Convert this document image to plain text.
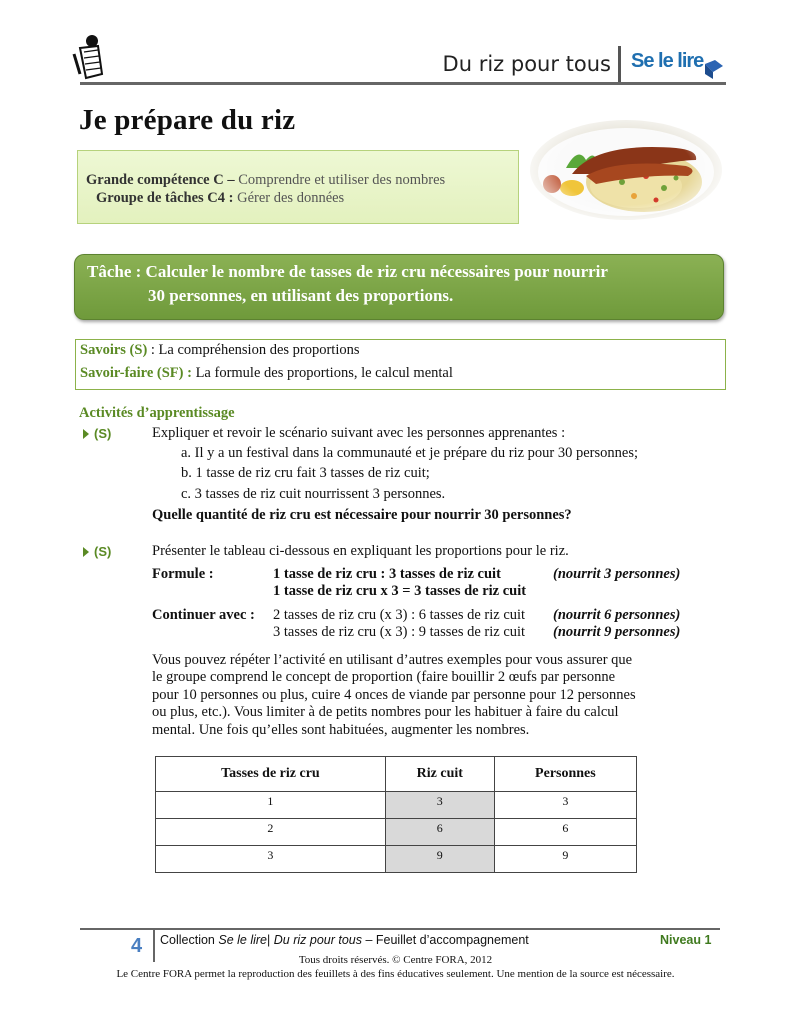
Du riz pour tous Se le lire
Je prépare du riz
Grande compétence C – Comprendre et utiliser des nombres
Groupe de tâches C4 : Gérer des données
Tâche : Calculer le nombre de tasses de riz cru nécessaires pour nourrir
30 personnes, en utilisant des proportions.
Savoirs (S) : La compréhension des proportions
Savoir-faire (SF) : La formule des proportions, le calcul mental
Activités d’apprentissage
(S)	Expliquer et revoir le scénario suivant avec les personnes apprenantes :
a. Il y a un festival dans la communauté et je prépare du riz pour 30 personnes;
b. 1 tasse de riz cru fait 3 tasses de riz cuit;
c. 3 tasses de riz cuit nourrissent 3 personnes.
Quelle quantité de riz cru est nécessaire pour nourrir 30 personnes?
(S)	Présenter le tableau ci-dessous en expliquant les proportions pour le riz.
Formule :	1 tasse de riz cru : 3 tasses de riz cuit	(nourrit 3 personnes)
1 tasse de riz cru x 3 = 3 tasses de riz cuit
Continuer avec : 2 tasses de riz cru (x 3) : 6 tasses de riz cuit (nourrit 6 personnes)
3 tasses de riz cru (x 3) : 9 tasses de riz cuit (nourrit 9 personnes)
Vous pouvez répéter l’activité en utilisant d’autres exemples pour vous assurer que
le groupe comprend le concept de proportion (faire bouillir 2 œufs par personne
pour 10 personnes ou plus, cuire 4 onces de viande par personne pour 12 personnes
ou plus, etc.). Vous limiter à de petits nombres pour les habituer à faire du calcul
mental. Une fois qu’elles sont habituées, augmenter les nombres.
Tasses de riz cru	Riz cuit	Personnes
1	3	3
2	6	6
3	9	9
4 Collection Se le lire| Du riz pour tous – Feuillet d’accompagnement	Niveau 1
Tous droits réservés. © Centre FORA, 2012
Le Centre FORA permet la reproduction des feuillets à des fins éducatives seulement. Une mention de la source est nécessaire.
